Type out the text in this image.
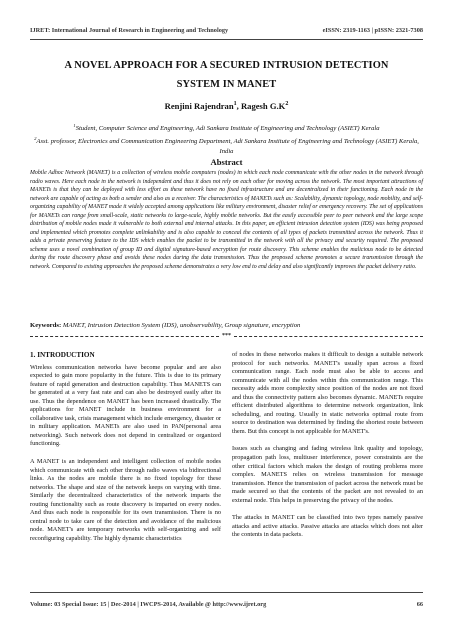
IJRET: International Journal of Research in Engineering and Technology	eISSN: 2319-1163 | pISSN: 2321-7308
A NOVEL APPROACH FOR A SECURED INTRUSION DETECTION
SYSTEM IN MANET
Renjini Rajendran$^1$, Ragesh $G.K^2$
$^1$Student, Computer Science and Engineering, Adi Sankara Institute of Engineering and Technology (ASIET) Kerala
$^2$Asst. professor, Electronics and Communication Engineering Department, Adi Sankara Institute of Engineering and Technology (ASIET) Kerala, India
Abstract
Mobile Adhoc Network (MANET) is a collection of wireless mobile computers (nodes) in which each node communicate with the other nodes in the network through radio waves. Here each node in the network is independent and thus it does not rely on each other for moving across the network. The most important attractions of MANETs is that they can be deployed with less effort as these network have no fixed infrastructure and are decentralized in their functioning. Each node in the network are capable of acting as both a sender and also as a receiver. The characteristics of MANETs such as: Scalability, dynamic topology, node mobility, and self-organizing capability of MANET made it widely accepted among applications like military environment, disaster relief or emergency recovery. The set of applications for MANETs can range from small-scale, static networks to large-scale, highly mobile networks. But the easily accessible peer to peer network and the large scope distribution of mobile nodes made it vulnerable to both external and internal attacks. In this paper, an efficient intrusion detection system (IDS) was being proposed and implemented which promotes complete unlinkability and is also capable to conceal the contents of all types of packets transmitted across the network. Thus it adds a private preserving feature to the IDS which enables the packet to be transmitted in the network with all the privacy and security required. The proposed scheme uses a novel combination of group ID and digital signature-based encryption for route discovery. This scheme enables the malicious node to be detected during the route discovery phase and avoids these nodes during the data transmission. Thus the proposed scheme promotes a secure transmission through the network. Compared to existing approaches the proposed scheme demonstrates a very low end to end delay and also significantly improves the packet delivery ratio.
Keywords: MANET, Intrusion Detection System (IDS), unobservability, Group signature, encryption
***
1. INTRODUCTION

Wireless communication networks have become popular and are also expected to gain more popularity in the future. This is due to its primary feature of rapid generation and destruction capability. Thus MANETS can be generated at a very fast rate and can also be destroyed easily after its use. Thus the dependence on MANET has been increased drastically. The applications for MANET include in business environment for a collaborative task, crisis management which include emergency, disaster or in military application. MANETs are also used in PAN(personal area networking). Such network does not depend in centralized or organized functioning.

A MANET is an independent and intelligent collection of mobile nodes which communicate with each other through radio waves via bidirectional links. As the nodes are mobile there is no fixed topology for these networks. The shape and size of the network keeps on varying with time. Similarly the decentralized characteristics of the network imparts the routing functionality such as route discovery is imparted on every nodes. And thus each node is responsible for its own transmission. There is no central node to take care of the detection and avoidance of the malicious node. MANET's are temporary networks with self-organizing and self reconfiguring capability. The highly dynamic characteristics

of nodes in these networks makes it difficult to design a suitable network protocol for such networks. MANET's usually span across a fixed communication range. Each node must also be able to access and communicate with all the nodes within this communication range. This necessity adds more complexity since position of the nodes are not fixed and thus the connectivity pattern also becomes dynamic. MANETs require efficient distributed algorithms to determine network organization, link scheduling, and routing. Usually in static networks optimal route from source to destination was determined by finding the shortest route between them. But this concept is not applicable for MANET's.

Issues such as changing and fading wireless link quality and topology, propagation path loss, multiuser interference, power constraints are the other critical factors which makes the design of routing problems more complex. MANETS relies on wireless transmission for message transmission. Hence the transmission of packet across the network must be made secured so that the contents of the packet are not revealed to an external node. This helps in preserving the privacy of the nodes.

The attacks in MANET can be classified into two types namely passive attacks and active attacks. Passive attacks are attacks which does not alter the contents in data packets.

Volume: 03 Special Issue: 15 | Dec-2014 | IWCPS-2014, Available @ http://www.ijret.org	66
